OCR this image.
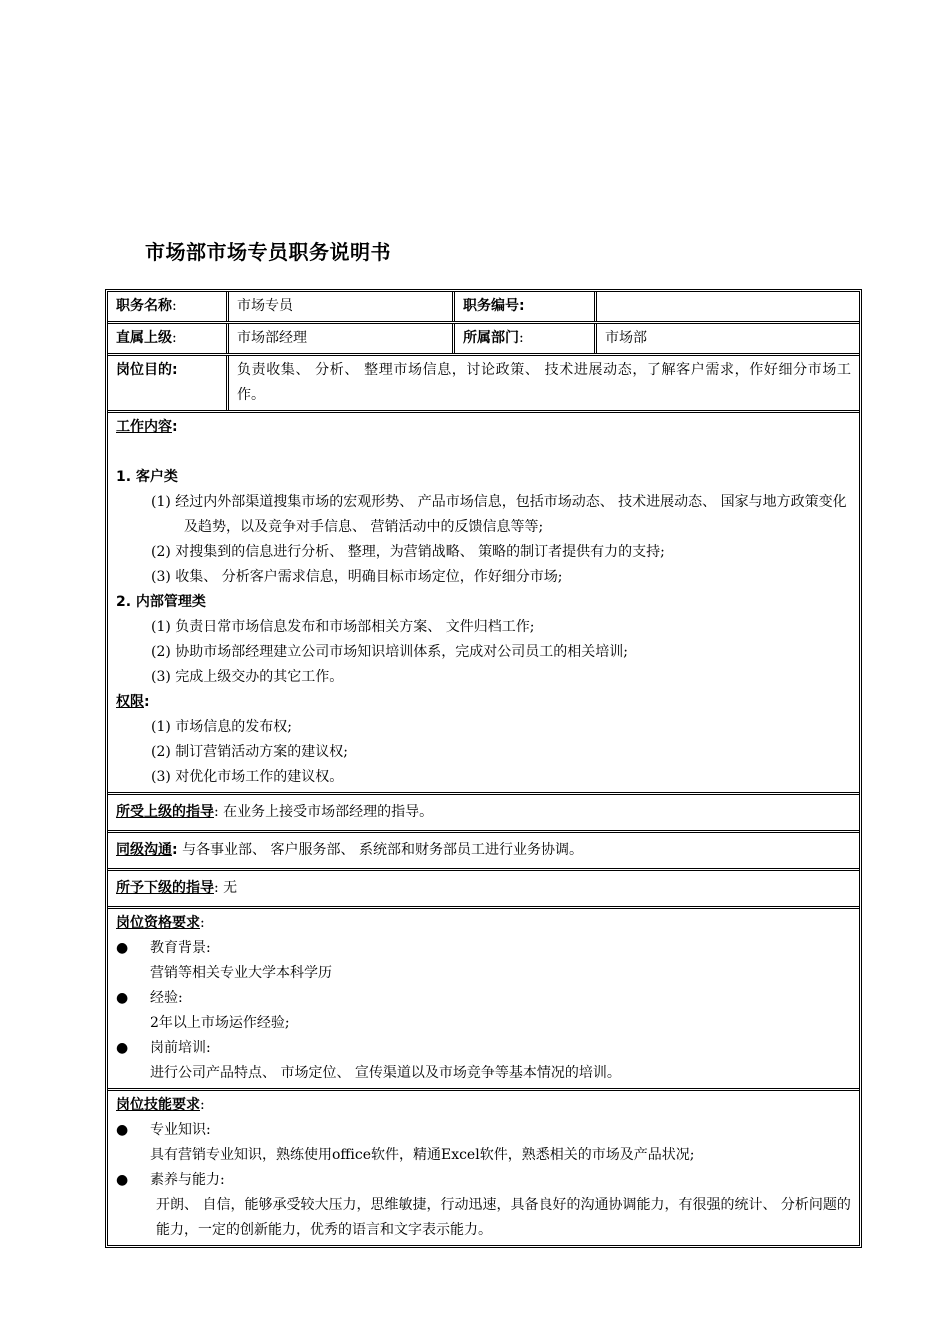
市场部市场专员职务说明书
职务名称:	市场专员	职务编号:
直属上级:	市场部经理	所属部门:	市场部
岗位目的:	负责收集、 分析、 整理市场信息，讨论政策、 技术进展动态，了解客户需求，作好细分市场工作。
工作内容:
1. 客户类
(1) 经过内外部渠道搜集市场的宏观形势、 产品市场信息，包括市场动态、 技术进展动态、 国家与地方政策变化及趋势，以及竞争对手信息、 营销活动中的反馈信息等等;
(2) 对搜集到的信息进行分析、 整理，为营销战略、 策略的制订者提供有力的支持;
(3) 收集、 分析客户需求信息，明确目标市场定位，作好细分市场;
2. 内部管理类
(1) 负责日常市场信息发布和市场部相关方案、 文件归档工作;
(2) 协助市场部经理建立公司市场知识培训体系，完成对公司员工的相关培训;
(3) 完成上级交办的其它工作。
权限:
(1) 市场信息的发布权;
(2) 制订营销活动方案的建议权;
(3) 对优化市场工作的建议权。
所受上级的指导: 在业务上接受市场部经理的指导。
同级沟通: 与各事业部、 客户服务部、 系统部和财务部员工进行业务协调。
所予下级的指导: 无
岗位资格要求:
●	教育背景:
营销等相关专业大学本科学历
●	经验:
2年以上市场运作经验;
●	岗前培训:
进行公司产品特点、 市场定位、 宣传渠道以及市场竞争等基本情况的培训。
岗位技能要求:
●	专业知识:
具有营销专业知识，熟练使用office软件，精通Excel软件，熟悉相关的市场及产品状况;
●	素养与能力:
开朗、 自信，能够承受较大压力，思维敏捷，行动迅速，具备良好的沟通协调能力，有很强的统计、 分析问题的能力，一定的创新能力，优秀的语言和文字表示能力。
